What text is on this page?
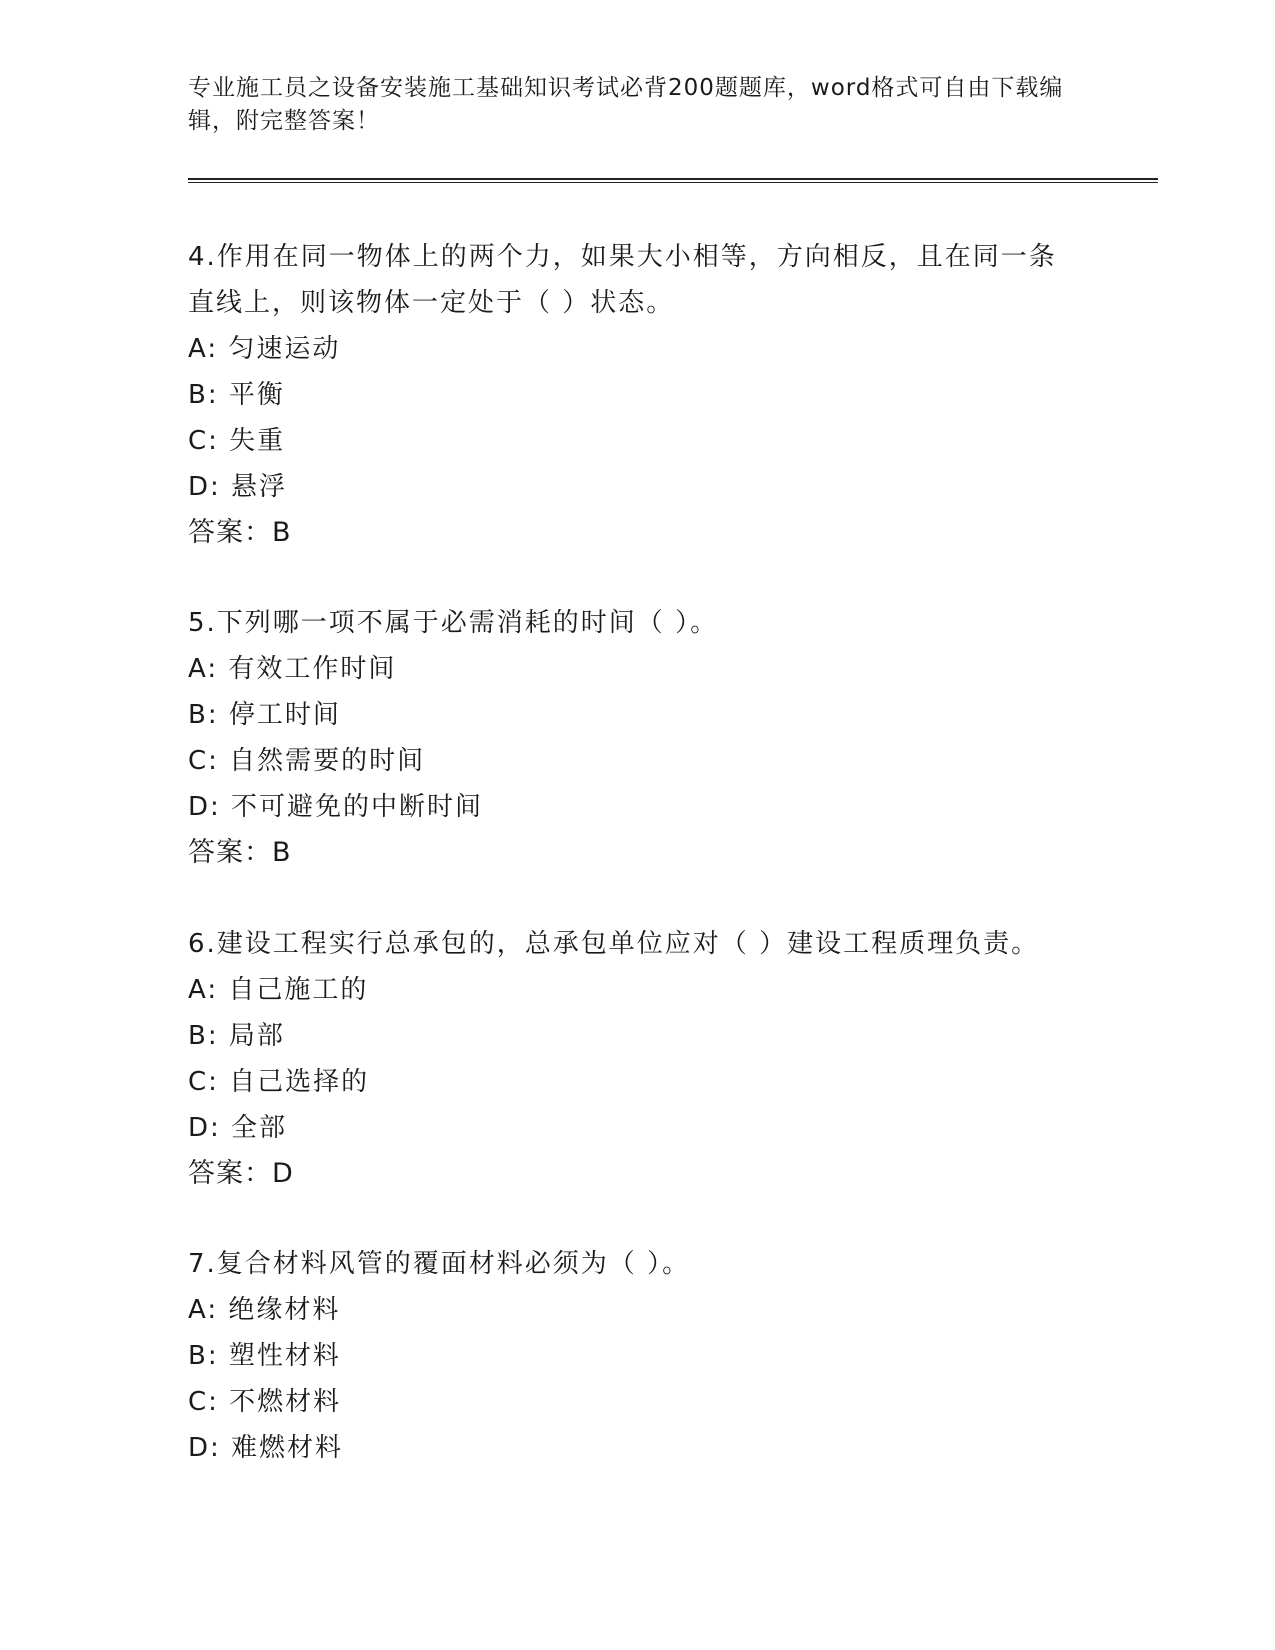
专业施工员之设备安装施工基础知识考试必背200题题库，word格式可自由下载编辑，附完整答案！

4.作用在同一物体上的两个力，如果大小相等，方向相反，且在同一条直线上，则该物体一定处于（ ）状态。

A: 匀速运动

B: 平衡

C: 失重

D: 悬浮

答案：B

5.下列哪一项不属于必需消耗的时间（ ）。

A: 有效工作时间

B: 停工时间

C: 自然需要的时间

D: 不可避免的中断时间

答案：B

6.建设工程实行总承包的，总承包单位应对（ ）建设工程质理负责。

A: 自己施工的

B: 局部

C: 自己选择的

D: 全部

答案：D

7.复合材料风管的覆面材料必须为（ ）。

A: 绝缘材料

B: 塑性材料

C: 不燃材料

D: 难燃材料
